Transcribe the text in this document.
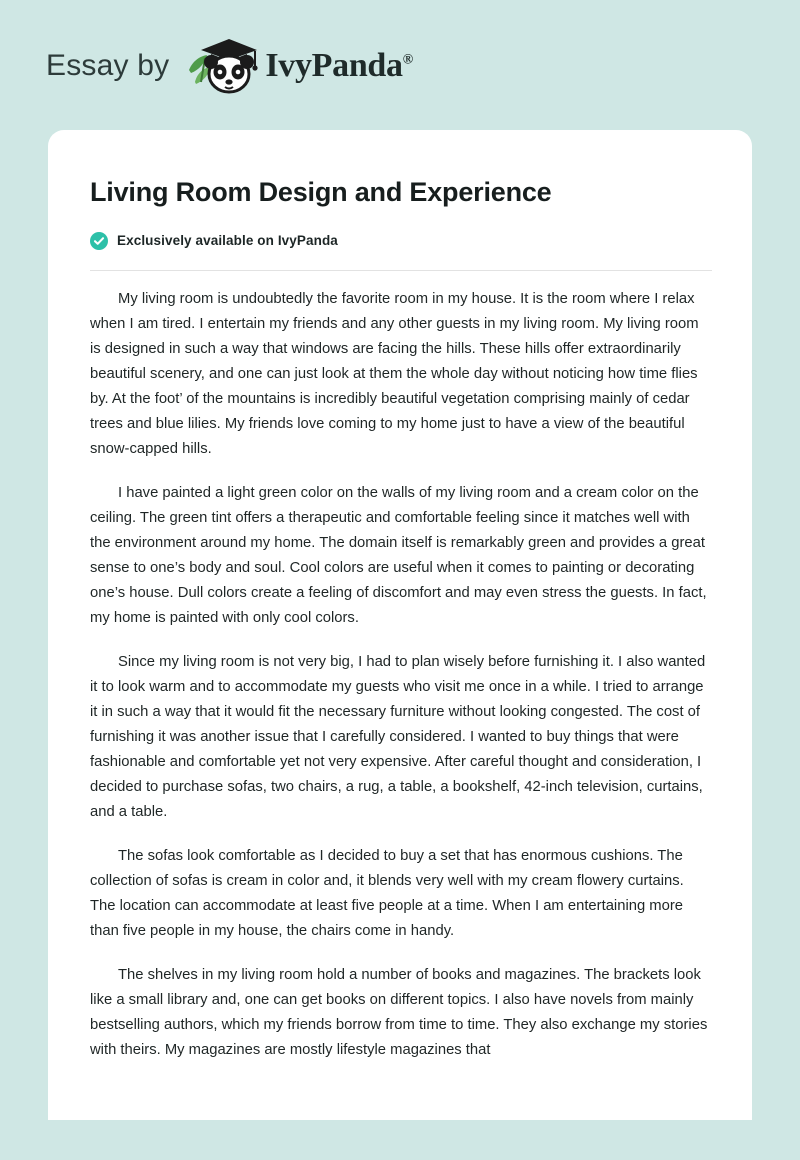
Essay by	IvyPanda®
Living Room Design and Experience
Exclusively available on IvyPanda

My living room is undoubtedly the favorite room in my house. It is the room where I relax when I am tired. I entertain my friends and any other guests in my living room. My living room is designed in such a way that windows are facing the hills. These hills offer extraordinarily beautiful scenery, and one can just look at them the whole day without noticing how time flies by. At the foot’ of the mountains is incredibly beautiful vegetation comprising mainly of cedar trees and blue lilies. My friends love coming to my home just to have a view of the beautiful snow-capped hills.

I have painted a light green color on the walls of my living room and a cream color on the ceiling. The green tint offers a therapeutic and comfortable feeling since it matches well with the environment around my home. The domain itself is remarkably green and provides a great sense to one’s body and soul. Cool colors are useful when it comes to painting or decorating one’s house. Dull colors create a feeling of discomfort and may even stress the guests. In fact, my home is painted with only cool colors.

Since my living room is not very big, I had to plan wisely before furnishing it. I also wanted it to look warm and to accommodate my guests who visit me once in a while. I tried to arrange it in such a way that it would fit the necessary furniture without looking congested. The cost of furnishing it was another issue that I carefully considered. I wanted to buy things that were fashionable and comfortable yet not very expensive. After careful thought and consideration, I decided to purchase sofas, two chairs, a rug, a table, a bookshelf, 42-inch television, curtains, and a table.

The sofas look comfortable as I decided to buy a set that has enormous cushions. The collection of sofas is cream in color and, it blends very well with my cream flowery curtains. The location can accommodate at least five people at a time. When I am entertaining more than five people in my house, the chairs come in handy.

The shelves in my living room hold a number of books and magazines. The brackets look like a small library and, one can get books on different topics. I also have novels from mainly bestselling authors, which my friends borrow from time to time. They also exchange my stories with theirs. My magazines are mostly lifestyle magazines that
